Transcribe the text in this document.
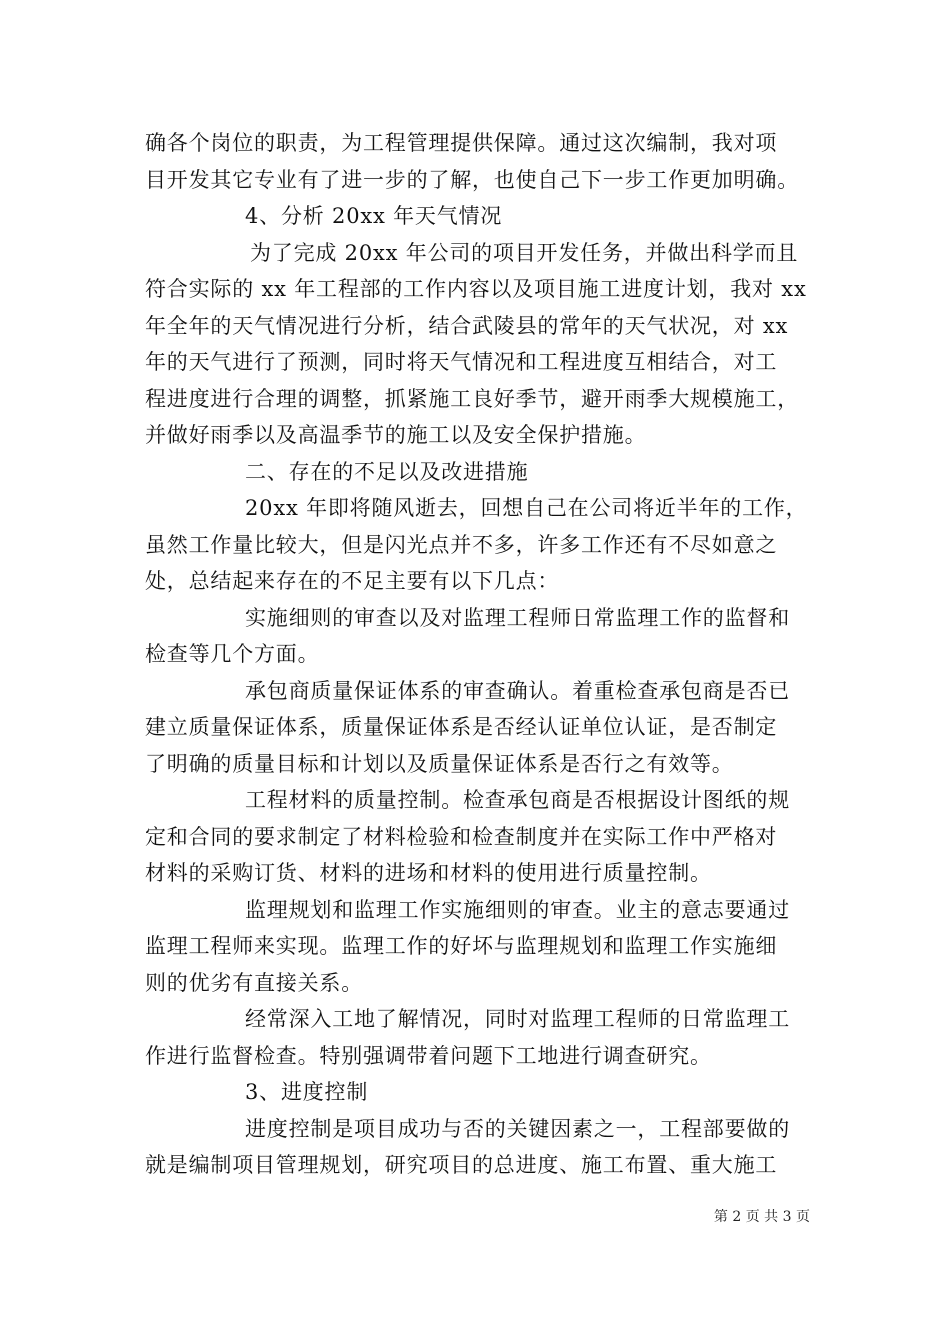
确各个岗位的职责，为工程管理提供保障。通过这次编制，我对项
目开发其它专业有了进一步的了解，也使自己下一步工作更加明确。
4、分析 20xx 年天气情况
为了完成 20xx 年公司的项目开发任务，并做出科学而且
符合实际的 xx 年工程部的工作内容以及项目施工进度计划，我对 xx
年全年的天气情况进行分析，结合武陵县的常年的天气状况，对 xx
年的天气进行了预测，同时将天气情况和工程进度互相结合，对工
程进度进行合理的调整，抓紧施工良好季节，避开雨季大规模施工，
并做好雨季以及高温季节的施工以及安全保护措施。
二、存在的不足以及改进措施
20xx 年即将随风逝去，回想自己在公司将近半年的工作，
虽然工作量比较大，但是闪光点并不多，许多工作还有不尽如意之
处，总结起来存在的不足主要有以下几点：
实施细则的审查以及对监理工程师日常监理工作的监督和
检查等几个方面。
承包商质量保证体系的审查确认。着重检查承包商是否已
建立质量保证体系，质量保证体系是否经认证单位认证，是否制定
了明确的质量目标和计划以及质量保证体系是否行之有效等。
工程材料的质量控制。检查承包商是否根据设计图纸的规
定和合同的要求制定了材料检验和检查制度并在实际工作中严格对
材料的采购订货、材料的进场和材料的使用进行质量控制。
监理规划和监理工作实施细则的审查。业主的意志要通过
监理工程师来实现。监理工作的好坏与监理规划和监理工作实施细
则的优劣有直接关系。
经常深入工地了解情况，同时对监理工程师的日常监理工
作进行监督检查。特别强调带着问题下工地进行调查研究。
3、进度控制
进度控制是项目成功与否的关键因素之一，工程部要做的
就是编制项目管理规划，研究项目的总进度、施工布置、重大施工
第 2 页 共 3 页
